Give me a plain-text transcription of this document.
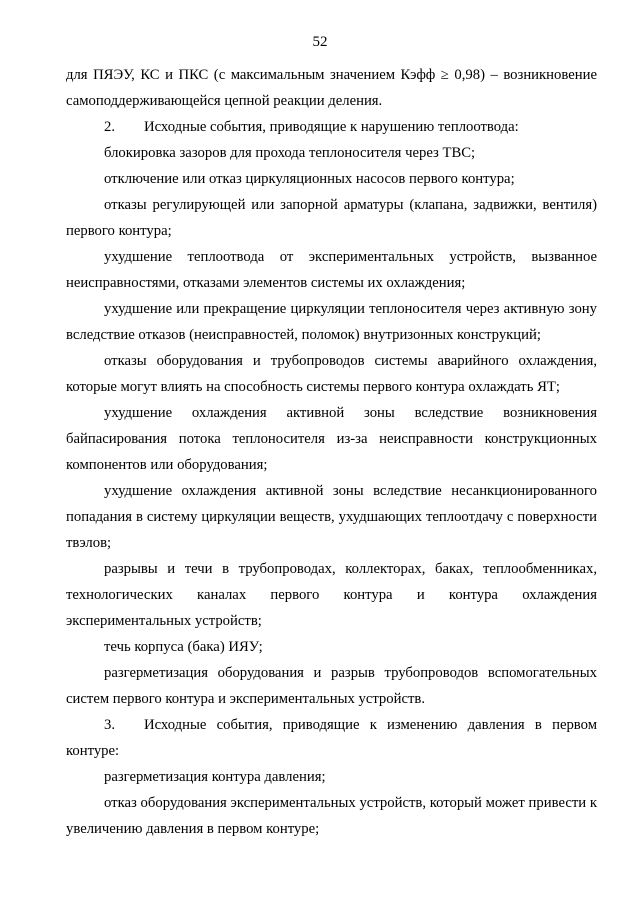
52

для ПЯЭУ, КС и ПКС (с максимальным значением Кэфф ≥ 0,98) – возникновение самоподдерживающейся цепной реакции деления.

2. Исходные события, приводящие к нарушению теплоотвода:

блокировка зазоров для прохода теплоносителя через ТВС;

отключение или отказ циркуляционных насосов первого контура;

отказы регулирующей или запорной арматуры (клапана, задвижки, вентиля) первого контура;

ухудшение теплоотвода от экспериментальных устройств, вызванное неисправностями, отказами элементов системы их охлаждения;

ухудшение или прекращение циркуляции теплоносителя через активную зону вследствие отказов (неисправностей, поломок) внутризонных конструкций;

отказы оборудования и трубопроводов системы аварийного охлаждения, которые могут влиять на способность системы первого контура охлаждать ЯТ;

ухудшение охлаждения активной зоны вследствие возникновения байпасирования потока теплоносителя из-за неисправности конструкционных компонентов или оборудования;

ухудшение охлаждения активной зоны вследствие несанкционированного попадания в систему циркуляции веществ, ухудшающих теплоотдачу с поверхности твэлов;

разрывы и течи в трубопроводах, коллекторах, баках, теплообменниках, технологических каналах первого контура и контура охлаждения экспериментальных устройств;

течь корпуса (бака) ИЯУ;

разгерметизация оборудования и разрыв трубопроводов вспомогательных систем первого контура и экспериментальных устройств.

3. Исходные события, приводящие к изменению давления в первом контуре:

разгерметизация контура давления;

отказ оборудования экспериментальных устройств, который может привести к увеличению давления в первом контуре;
